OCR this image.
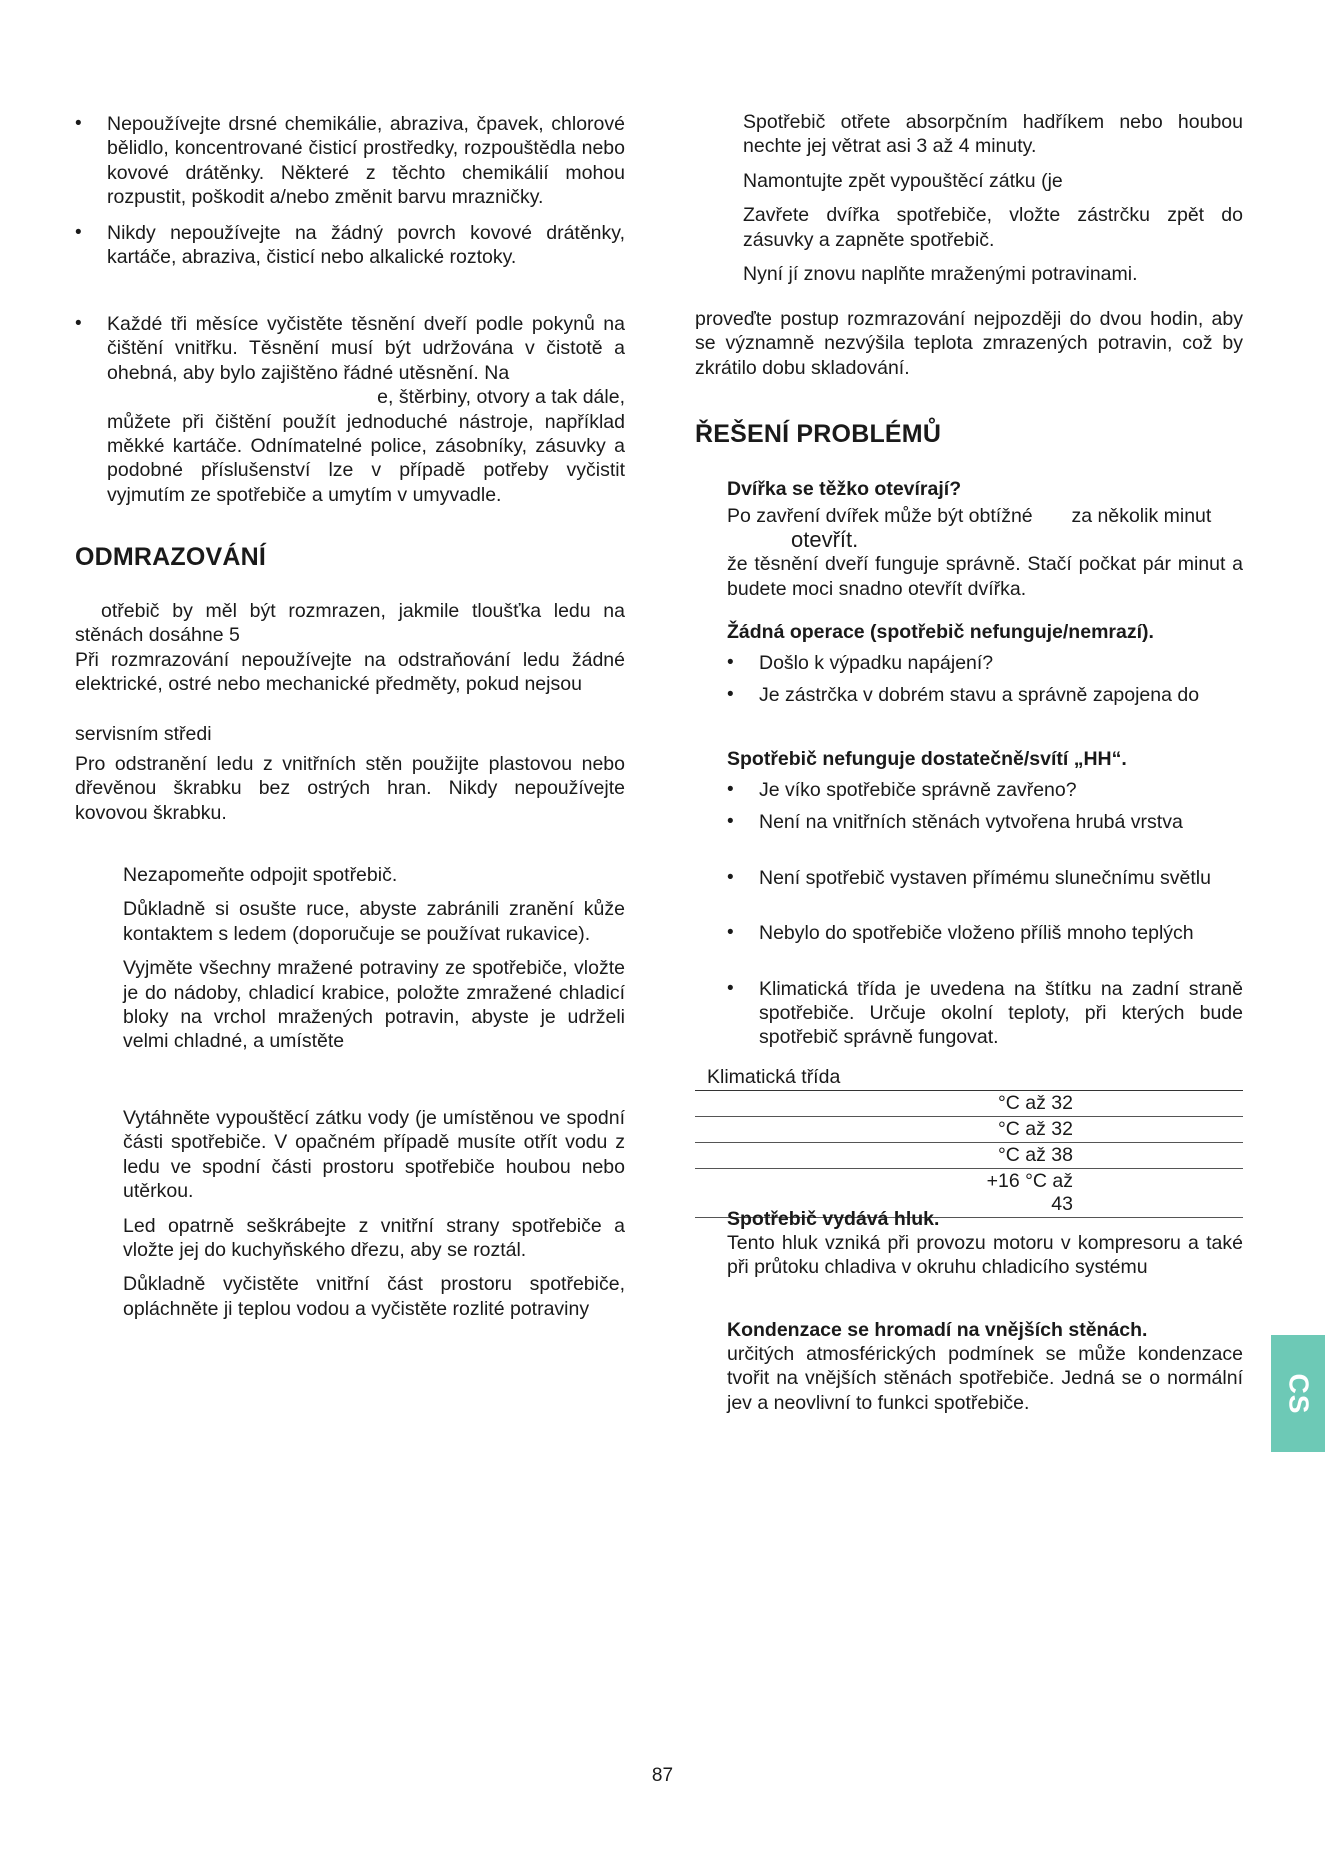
• Nepoužívejte drsné chemikálie, abraziva, čpavek, chlorové bělidlo, koncentrované čisticí prostředky, rozpouštědla nebo kovové drátěnky. Některé z těchto chemikálií mohou rozpustit, poškodit a/nebo změnit barvu mrazničky.
• Nikdy nepoužívejte na žádný povrch kovové drátěnky, kartáče, abraziva, čisticí nebo alkalické roztoky.
• Každé tři měsíce vyčistěte těsnění dveří podle pokynů na čištění vnitřku. Těsnění musí být udržována v čistotě a ohebná, aby bylo zajištěno řádné utěsnění. Na
e, štěrbiny, otvory a tak dále,
můžete při čištění použít jednoduché nástroje, například měkké kartáče. Odnímatelné police, zásobníky, zásuvky a podobné příslušenství lze v případě potřeby vyčistit vyjmutím ze spotřebiče a umytím v umyvadle.
ODMRAZOVÁNÍ

otřebič by měl být rozmrazen, jakmile tloušťka ledu na stěnách dosáhne 5

Při rozmrazování nepoužívejte na odstraňování ledu žádné elektrické, ostré nebo mechanické předměty, pokud nejsou

servisním středi

Pro odstranění ledu z vnitřních stěn použijte plastovou nebo dřevěnou škrabku bez ostrých hran. Nikdy nepoužívejte kovovou škrabku.

Nezapomeňte odpojit spotřebič.

Důkladně si osušte ruce, abyste zabránili zranění kůže kontaktem s ledem (doporučuje se používat rukavice).

Vyjměte všechny mražené potraviny ze spotřebiče, vložte je do nádoby, chladicí krabice, položte zmražené chladicí bloky na vrchol mražených potravin, abyste je udrželi velmi chladné, a umístěte

Vytáhněte vypouštěcí zátku vody (je umístěnou ve spodní části spotřebiče. V opačném případě musíte otřít vodu z ledu ve spodní části prostoru spotřebiče houbou nebo utěrkou.

Led opatrně seškrábejte z vnitřní strany spotřebiče a vložte jej do kuchyňského dřezu, aby se roztál.

Důkladně vyčistěte vnitřní část prostoru spotřebiče, opláchněte ji teplou vodou a vyčistěte rozlité potraviny

Spotřebič otřete absorpčním hadříkem nebo houbou nechte jej větrat asi 3 až 4 minuty.

Namontujte zpět vypouštěcí zátku (je

Zavřete dvířka spotřebiče, vložte zástrčku zpět do zásuvky a zapněte spotřebič.

Nyní jí znovu naplňte mraženými potravinami.

proveďte postup rozmrazování nejpozději do dvou hodin, aby se významně nezvýšila teplota zmrazených potravin, což by zkrátilo dobu skladování.

ŘEŠENÍ PROBLÉMŮ
Dvířka se těžko otevírají?

Po zavření dvířek může být obtížné za několik minut

otevřít.

že těsnění dveří funguje správně. Stačí počkat pár minut a budete moci snadno otevřít dvířka.

Žádná operace (spotřebič nefunguje/nemrazí).
• Došlo k výpadku napájení?
• Je zástrčka v dobrém stavu a správně zapojena do
Spotřebič nefunguje dostatečně/svítí „HH“.
• Je víko spotřebiče správně zavřeno?
• Není na vnitřních stěnách vytvořena hrubá vrstva
• Není spotřebič vystaven přímému slunečnímu světlu
• Nebylo do spotřebiče vloženo příliš mnoho teplých
• Klimatická třída je uvedena na štítku na zadní straně spotřebiče. Určuje okolní teploty, při kterých bude spotřebič správně fungovat.
Klimatická třída	
	°C až 32
	°C až 32
	°C až 38
	+16 °C až 43
Spotřebič vydává hluk.

Tento hluk vzniká při provozu motoru v kompresoru a také při průtoku chladiva v okruhu chladicího systému

Kondenzace se hromadí na vnějších stěnách.

určitých atmosférických podmínek se může kondenzace tvořit na vnějších stěnách spotřebiče. Jedná se o normální jev a neovlivní to funkci spotřebiče.	CS
87
